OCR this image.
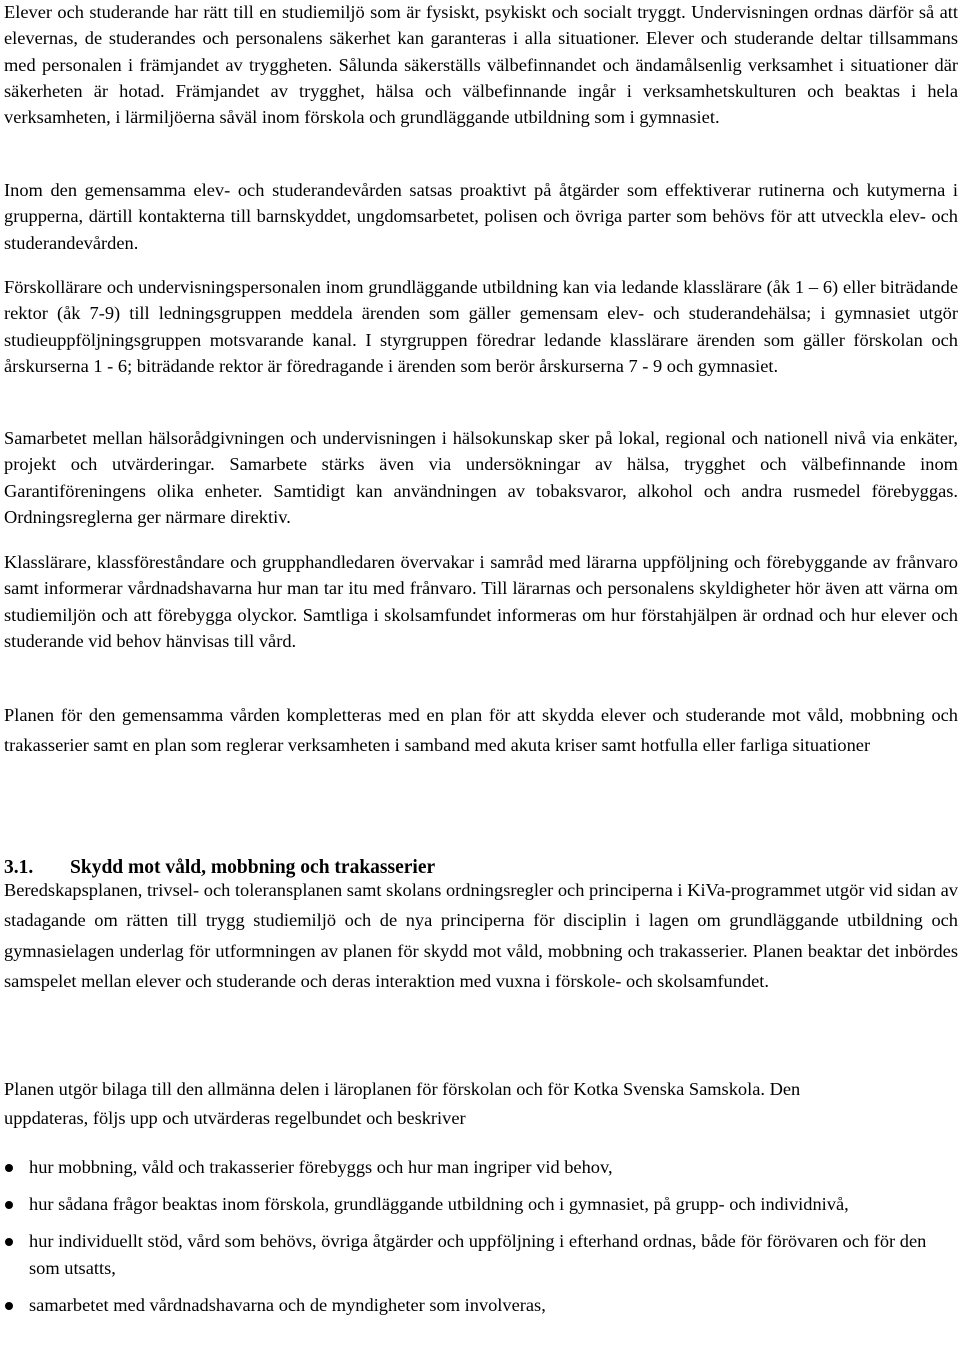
Elever och studerande har rätt till en studiemiljö som är fysiskt, psykiskt och socialt tryggt. Undervisningen ordnas därför så att elevernas, de studerandes och personalens säkerhet kan garanteras i alla situationer. Elever och studerande deltar tillsammans med personalen i främjandet av tryggheten. Sålunda säkerställs välbefinnandet och ändamålsenlig verksamhet i situationer där säkerheten är hotad. Främjandet av trygghet, hälsa och välbefinnande ingår i verksamhetskulturen och beaktas i hela verksamheten, i lärmiljöerna såväl inom förskola och grundläggande utbildning som i gymnasiet.

Inom den gemensamma elev- och studerandevården satsas proaktivt på åtgärder som effektiverar rutinerna och kutymerna i grupperna, därtill kontakterna till barnskyddet, ungdomsarbetet, polisen och övriga parter som behövs för att utveckla elev- och studerandevården.

Förskollärare och undervisningspersonalen inom grundläggande utbildning kan via ledande klasslärare (åk 1 – 6) eller biträdande rektor (åk 7-9) till ledningsgruppen meddela ärenden som gäller gemensam elev- och studerandehälsa; i gymnasiet utgör studieuppföljningsgruppen motsvarande kanal. I styrgruppen föredrar ledande klasslärare ärenden som gäller förskolan och årskurserna 1 - 6; biträdande rektor är föredragande i ärenden som berör årskurserna 7 - 9 och gymnasiet.

Samarbetet mellan hälsorådgivningen och undervisningen i hälsokunskap sker på lokal, regional och nationell nivå via enkäter, projekt och utvärderingar. Samarbete stärks även via undersökningar av hälsa, trygghet och välbefinnande inom Garantiföreningens olika enheter. Samtidigt kan användningen av tobaksvaror, alkohol och andra rusmedel förebyggas. Ordningsreglerna ger närmare direktiv.

Klasslärare, klassföreståndare och grupphandledaren övervakar i samråd med lärarna uppföljning och förebyggande av frånvaro samt informerar vårdnadshavarna hur man tar itu med frånvaro. Till lärarnas och personalens skyldigheter hör även att värna om studiemiljön och att förebygga olyckor. Samtliga i skolsamfundet informeras om hur förstahjälpen är ordnad och hur elever och studerande vid behov hänvisas till vård.

Planen för den gemensamma vården kompletteras med en plan för att skydda elever och studerande mot våld, mobbning och trakasserier samt en plan som reglerar verksamheten i samband med akuta kriser samt hotfulla eller farliga situationer

3.1. Skydd mot våld, mobbning och trakasserier

Beredskapsplanen, trivsel- och toleransplanen samt skolans ordningsregler och principerna i KiVa-programmet utgör vid sidan av stadagande om rätten till trygg studiemiljö och de nya principerna för disciplin i lagen om grundläggande utbildning och gymnasielagen underlag för utformningen av planen för skydd mot våld, mobbning och trakasserier. Planen beaktar det inbördes samspelet mellan elever och studerande och deras interaktion med vuxna i förskole- och skolsamfundet.

Planen utgör bilaga till den allmänna delen i läroplanen för förskolan och för Kotka Svenska Samskola. Den uppdateras, följs upp och utvärderas regelbundet och beskriver

hur mobbning, våld och trakasserier förebyggs och hur man ingriper vid behov,
hur sådana frågor beaktas inom förskola, grundläggande utbildning och i gymnasiet, på grupp- och individnivå,
hur individuellt stöd, vård som behövs, övriga åtgärder och uppföljning i efterhand ordnas, både för förövaren och för den som utsatts,
samarbetet med vårdnadshavarna och de myndigheter som involveras,
